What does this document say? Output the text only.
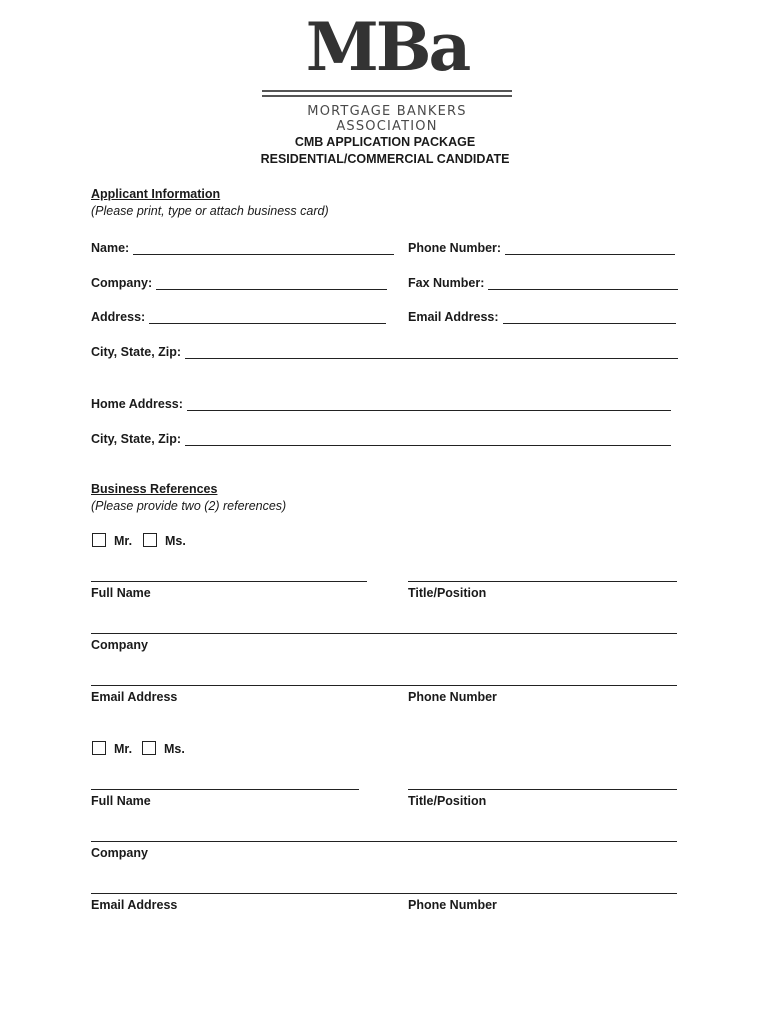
MBa
MORTGAGE BANKERS ASSOCIATION
CMB APPLICATION PACKAGE
RESIDENTIAL/COMMERCIAL CANDIDATE
Applicant Information
(Please print, type or attach business card)
Name:	Phone Number:
Company:	Fax Number:
Address:	Email Address:
City, State, Zip:
Home Address:
City, State, Zip:
Business References
(Please provide two (2) references)
Mr.	Ms.
Full Name	Title/Position
Company
Email Address	Phone Number
Mr.	Ms.
Full Name	Title/Position
Company
Email Address	Phone Number
